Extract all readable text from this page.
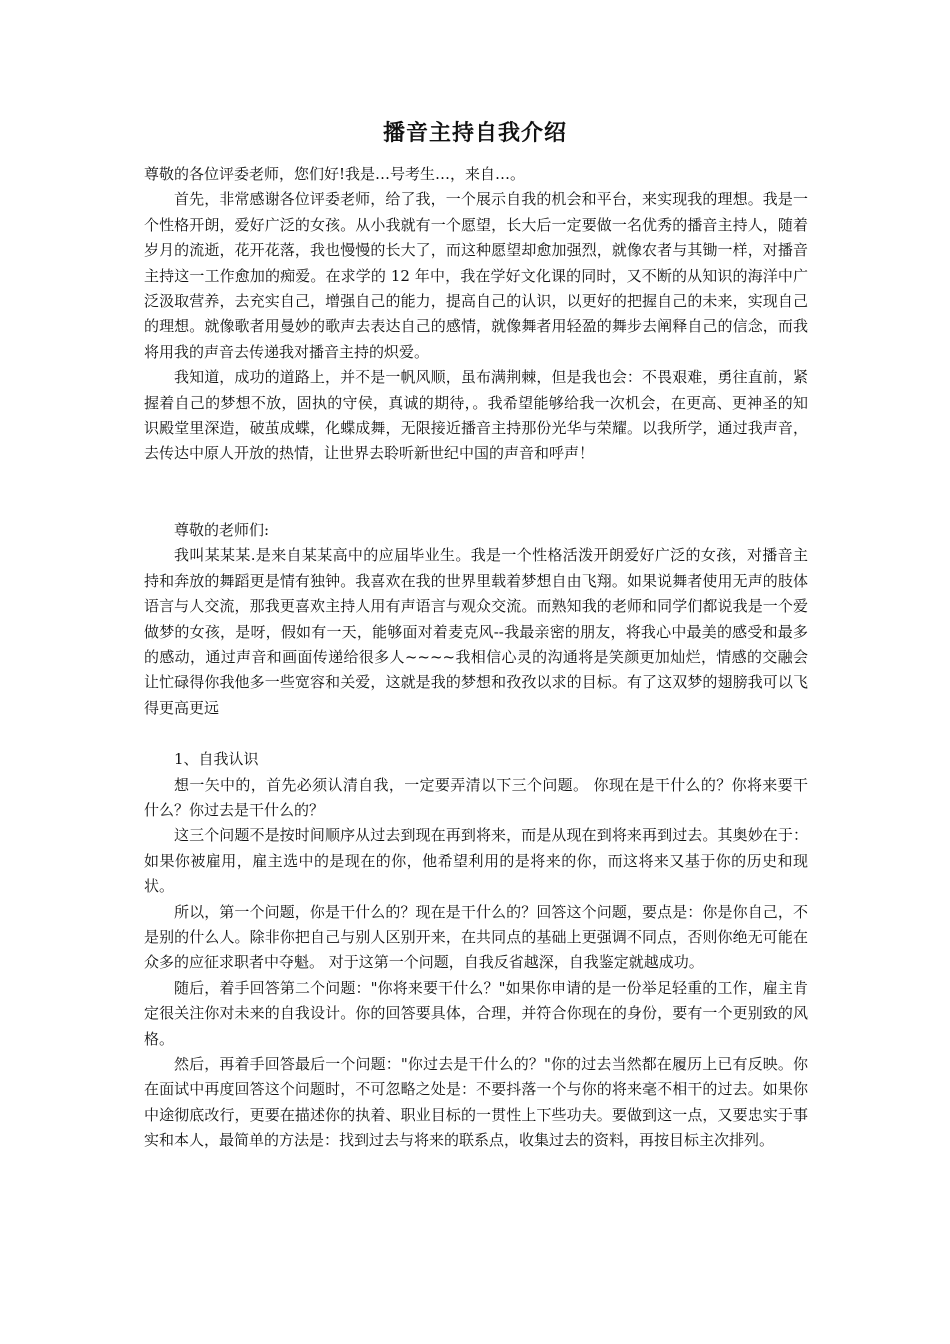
播音主持自我介绍

尊敬的各位评委老师，您们好!我是…号考生…，来自…。

首先，非常感谢各位评委老师，给了我，一个展示自我的机会和平台，来实现我的理想。我是一个性格开朗，爱好广泛的女孩。从小我就有一个愿望，长大后一定要做一名优秀的播音主持人，随着岁月的流逝，花开花落，我也慢慢的长大了，而这种愿望却愈加强烈，就像农者与其锄一样，对播音主持这一工作愈加的痴爱。在求学的 12 年中，我在学好文化课的同时，又不断的从知识的海洋中广泛汲取营养，去充实自己，增强自己的能力，提高自己的认识，以更好的把握自己的未来，实现自己的理想。就像歌者用曼妙的歌声去表达自己的感情，就像舞者用轻盈的舞步去阐释自己的信念，而我将用我的声音去传递我对播音主持的炽爱。

我知道，成功的道路上，并不是一帆风顺，虽布满荆棘，但是我也会：不畏艰难，勇往直前，紧握着自己的梦想不放，固执的守侯，真诚的期待，。我希望能够给我一次机会，在更高、更神圣的知识殿堂里深造，破茧成蝶，化蝶成舞，无限接近播音主持那份光华与荣耀。以我所学，通过我声音，去传达中原人开放的热情，让世界去聆听新世纪中国的声音和呼声！

尊敬的老师们:

我叫某某某.是来自某某高中的应届毕业生。我是一个性格活泼开朗爱好广泛的女孩，对播音主持和奔放的舞蹈更是情有独钟。我喜欢在我的世界里载着梦想自由飞翔。如果说舞者使用无声的肢体语言与人交流，那我更喜欢主持人用有声语言与观众交流。而熟知我的老师和同学们都说我是一个爱做梦的女孩，是呀，假如有一天，能够面对着麦克风--我最亲密的朋友，将我心中最美的感受和最多的感动，通过声音和画面传递给很多人~~~~我相信心灵的沟通将是笑颜更加灿烂，情感的交融会让忙碌得你我他多一些宽容和关爱，这就是我的梦想和孜孜以求的目标。有了这双梦的翅膀我可以飞得更高更远

1、自我认识

想一矢中的，首先必须认清自我，一定要弄清以下三个问题。 你现在是干什么的？你将来要干什么？你过去是干什么的？

这三个问题不是按时间顺序从过去到现在再到将来，而是从现在到将来再到过去。其奥妙在于：如果你被雇用，雇主选中的是现在的你，他希望利用的是将来的你，而这将来又基于你的历史和现状。

所以，第一个问题，你是干什么的？现在是干什么的？回答这个问题，要点是：你是你自己，不是别的什么人。除非你把自己与别人区别开来，在共同点的基础上更强调不同点，否则你绝无可能在众多的应征求职者中夺魁。 对于这第一个问题，自我反省越深，自我鉴定就越成功。

随后，着手回答第二个问题："你将来要干什么？"如果你申请的是一份举足轻重的工作，雇主肯定很关注你对未来的自我设计。你的回答要具体，合理，并符合你现在的身份，要有一个更别致的风格。

然后，再着手回答最后一个问题："你过去是干什么的？"你的过去当然都在履历上已有反映。你在面试中再度回答这个问题时，不可忽略之处是：不要抖落一个与你的将来毫不相干的过去。如果你中途彻底改行，更要在描述你的执着、职业目标的一贯性上下些功夫。要做到这一点，又要忠实于事实和本人，最简单的方法是：找到过去与将来的联系点，收集过去的资料，再按目标主次排列。
